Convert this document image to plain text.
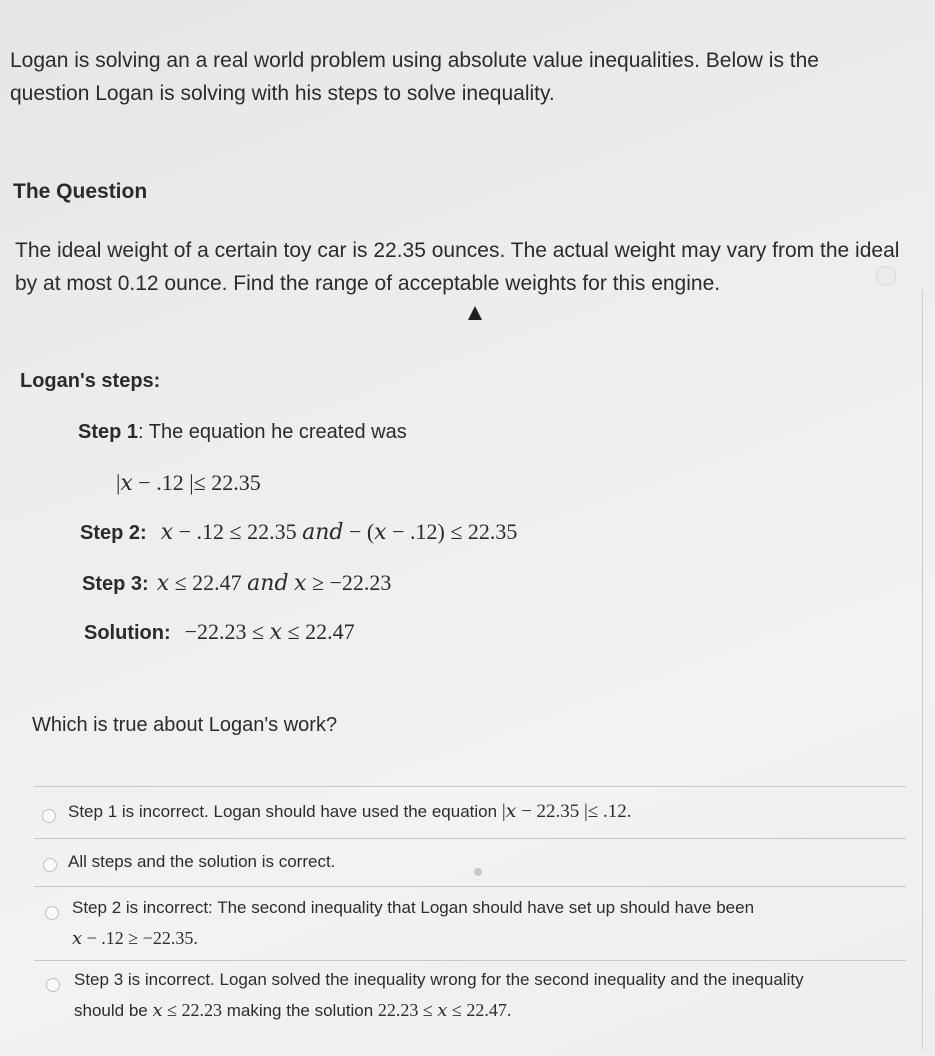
Logan is solving an a real world problem using absolute value inequalities. Below is the question Logan is solving with his steps to solve inequality.
The Question
The ideal weight of a certain toy car is 22.35 ounces. The actual weight may vary from the ideal by at most 0.12 ounce. Find the range of acceptable weights for this engine.
Logan's steps:
Step 1: The equation he created was
|𝑥 − .12 |≤ 22.35
Step 2: 𝑥 − .12 ≤ 22.35 𝑎𝑛𝑑 − (𝑥 − .12) ≤ 22.35
Step 3: 𝑥 ≤ 22.47 𝑎𝑛𝑑 𝑥 ≥ −22.23
Solution: −22.23 ≤ 𝑥 ≤ 22.47
Which is true about Logan's work?
Step 1 is incorrect. Logan should have used the equation |𝑥 − 22.35 |≤ .12.
All steps and the solution is correct.
Step 2 is incorrect: The second inequality that Logan should have set up should have been
𝑥 − .12 ≥ −22.35.
Step 3 is incorrect. Logan solved the inequality wrong for the second inequality and the inequality
should be 𝑥 ≤ 22.23 making the solution 22.23 ≤ 𝑥 ≤ 22.47.
